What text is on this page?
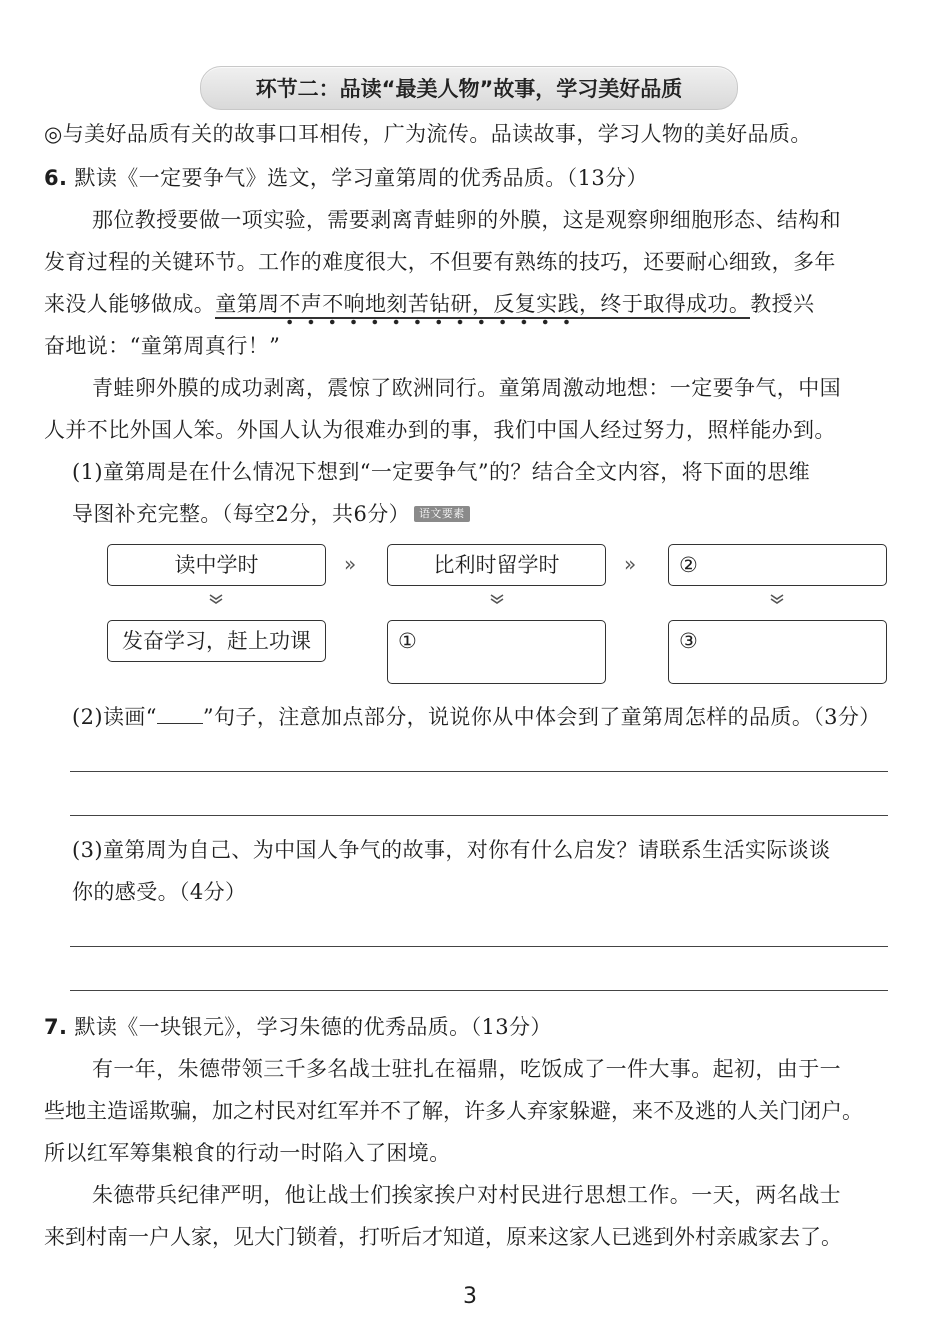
环节二：品读“最美人物”故事，学习美好品质
◎与美好品质有关的故事口耳相传，广为流传。品读故事，学习人物的美好品质。
6. 默读《一定要争气》选文，学习童第周的优秀品质。（13分）
那位教授要做一项实验，需要剥离青蛙卵的外膜，这是观察卵细胞形态、结构和
发育过程的关键环节。工作的难度很大，不但要有熟练的技巧，还要耐心细致，多年
来没人能够做成。童第周不声不响地刻苦钻研，反复实践，终于取得成功。教授兴
奋地说：“童第周真行！”
青蛙卵外膜的成功剥离，震惊了欧洲同行。童第周激动地想：一定要争气，中国
人并不比外国人笨。外国人认为很难办到的事，我们中国人经过努力，照样能办到。
(1)童第周是在什么情况下想到“一定要争气”的？结合全文内容，将下面的思维
导图补充完整。（每空2分，共6分） 语文要素
读中学时	比利时留学时	②
»	»
发奋学习，赶上功课	①	③
(2)读画“ ”句子，注意加点部分，说说你从中体会到了童第周怎样的品质。（3分）
(3)童第周为自己、为中国人争气的故事，对你有什么启发？请联系生活实际谈谈
你的感受。（4分）
7. 默读《一块银元》，学习朱德的优秀品质。（13分）
有一年，朱德带领三千多名战士驻扎在福鼎，吃饭成了一件大事。起初，由于一
些地主造谣欺骗，加之村民对红军并不了解，许多人弃家躲避，来不及逃的人关门闭户。
所以红军筹集粮食的行动一时陷入了困境。
朱德带兵纪律严明，他让战士们挨家挨户对村民进行思想工作。一天，两名战士
来到村南一户人家，见大门锁着，打听后才知道，原来这家人已逃到外村亲戚家去了。
3
